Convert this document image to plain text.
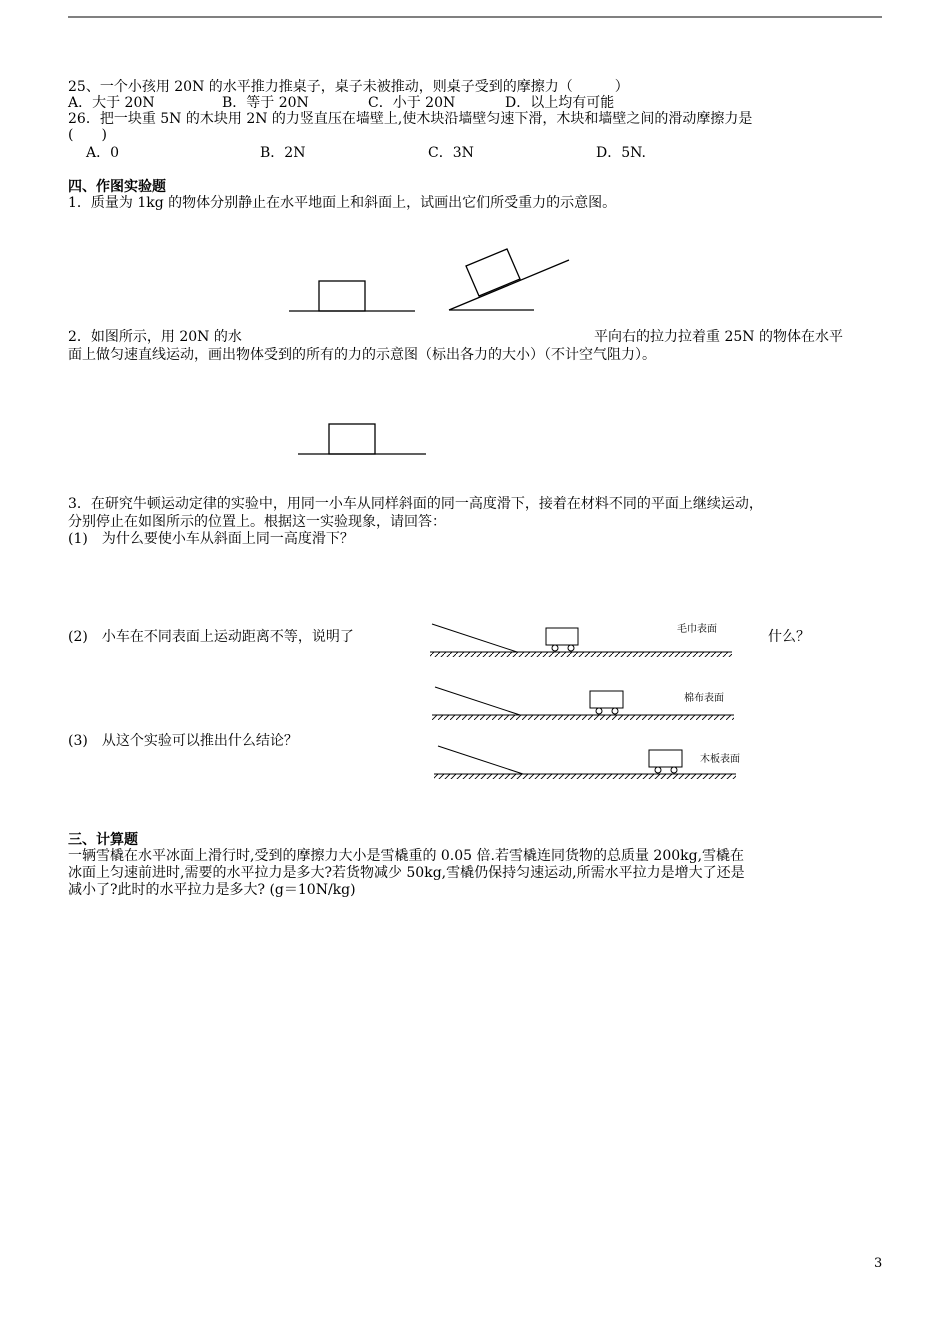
25、一个小孩用 20N 的水平推力推桌子，桌子未被推动，则桌子受到的摩擦力（　　　）
A．大于 20N	B．等于 20N	C．小于 20N	D．以上均有可能
26．把一块重 5N 的木块用 2N 的力竖直压在墙壁上,使木块沿墙壁匀速下滑，木块和墙壁之间的滑动摩擦力是
(　　)
A．0	B．2N	C．3N	D．5N.
四、作图实验题
1．质量为 1kg 的物体分别静止在水平地面上和斜面上，试画出它们所受重力的示意图。
2．如图所示，用 20N 的水	平向右的拉力拉着重 25N 的物体在水平
面上做匀速直线运动，画出物体受到的所有的力的示意图（标出各力的大小）（不计空气阻力）。
3．在研究牛顿运动定律的实验中，用同一小车从同样斜面的同一高度滑下，接着在材料不同的平面上继续运动，
分别停止在如图所示的位置上。根据这一实验现象，请回答：
(1)　为什么要使小车从斜面上同一高度滑下？
(2)　小车在不同表面上运动距离不等，说明了	什么？
(3)　从这个实验可以推出什么结论？
毛巾表面
棉布表面
木板表面
三、计算题
一辆雪橇在水平冰面上滑行时,受到的摩擦力大小是雪橇重的 0.05 倍.若雪橇连同货物的总质量 200kg,雪橇在
冰面上匀速前进时,需要的水平拉力是多大?若货物减少 50kg,雪橇仍保持匀速运动,所需水平拉力是增大了还是
减小了?此时的水平拉力是多大? (g＝10N/kg)
3
